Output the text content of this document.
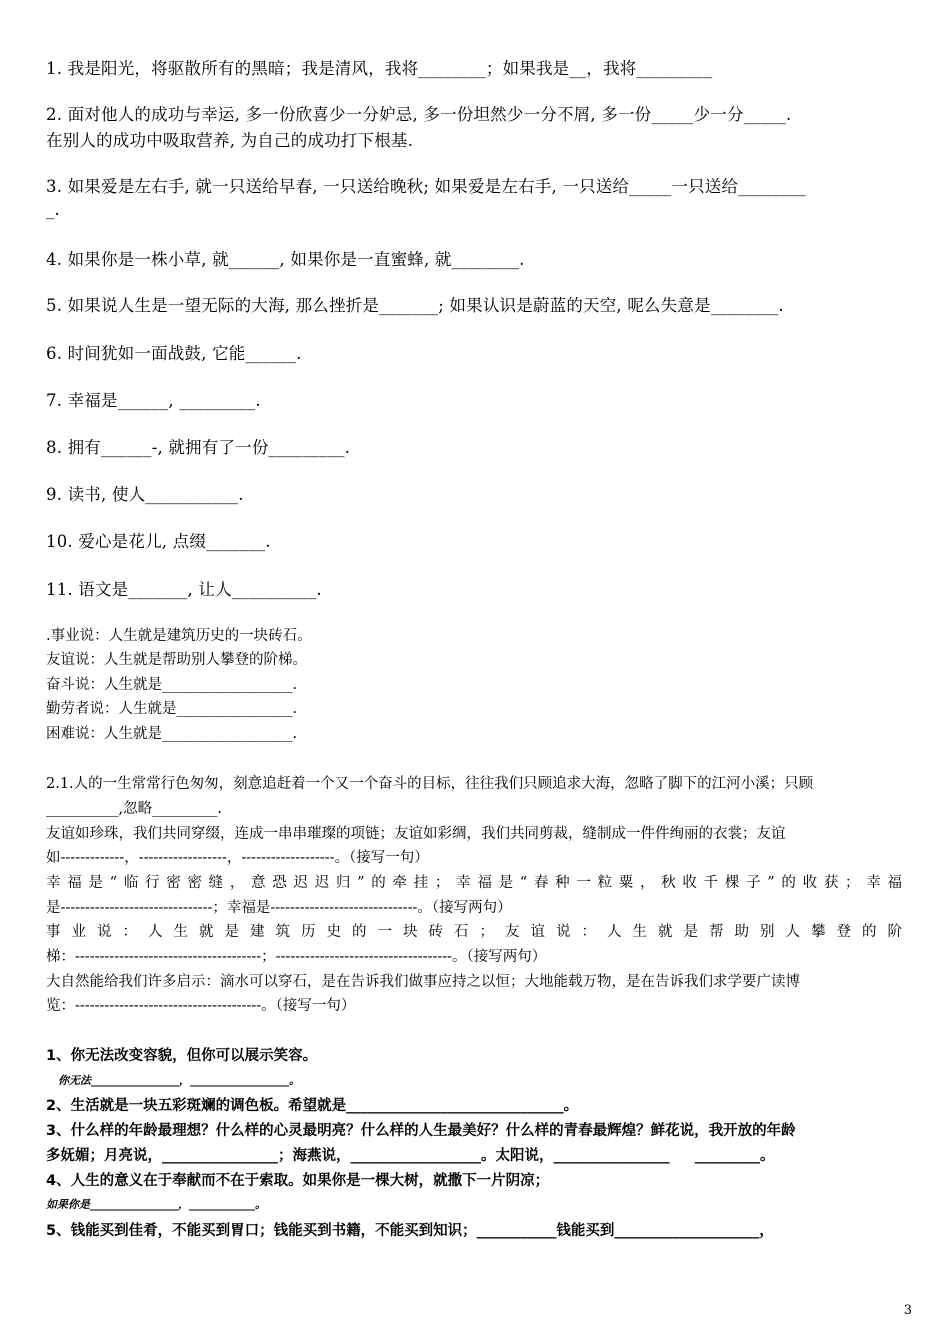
1. 我是阳光，将驱散所有的黑暗；我是清风，我将________；如果我是__，我将_________
2. 面对他人的成功与幸运, 多一份欣喜少一分妒忌, 多一份坦然少一分不屑, 多一份_____少一分_____.
在别人的成功中吸取营养, 为自己的成功打下根基.
3. 如果爱是左右手, 就一只送给早春, 一只送给晚秋; 如果爱是左右手, 一只送给_____一只送给________
_.
4. 如果你是一株小草, 就______, 如果你是一直蜜蜂, 就________.
5. 如果说人生是一望无际的大海, 那么挫折是_______; 如果认识是蔚蓝的天空, 呢么失意是________.
6. 时间犹如一面战鼓, 它能______.
7. 幸福是______, _________.
8. 拥有______-, 就拥有了一份_________.
9. 读书, 使人___________.
10. 爱心是花儿, 点缀_______.
11. 语文是_______, 让人__________.
.事业说：人生就是建筑历史的一块砖石。
友谊说：人生就是帮助别人攀登的阶梯。
奋斗说：人生就是__________________.
勤劳者说：人生就是________________.
困难说：人生就是__________________.
2.1.人的一生常常行色匆匆，刻意追赶着一个又一个奋斗的目标，往往我们只顾追求大海，忽略了脚下的江河小溪；只顾
__________,忽略_________.
友谊如珍珠，我们共同穿缀，连成一串串璀璨的项链；友谊如彩绸，我们共同剪裁，缝制成一件件绚丽的衣裳；友谊
如-------------，------------------，-------------------。（接写一句）
幸福是“临行密密缝，意恐迟迟归”的牵挂；幸福是“春种一粒粟，秋收千棵子”的收获；幸福
是-------------------------------；幸福是------------------------------。（接写两句）
事业说：人生就是建筑历史的一块砖石；友谊说：人生就是帮助别人攀登的阶
梯：--------------------------------------；------------------------------------。（接写两句）
大自然能给我们许多启示：滴水可以穿石，是在告诉我们做事应持之以恒；大地能载万物，是在告诉我们求学要广读博
览：--------------------------------------。（接写一句）
1、你无法改变容貌，但你可以展示笑容。
你无法________________，__________________。
2、生活就是一块五彩斑斓的调色板。希望就是______________________________。
3、什么样的年龄最理想？什么样的心灵最明亮？什么样的人生最美好？什么样的青春最辉煌？鲜花说，我开放的年龄
多妩媚；月亮说，________________；海燕说，__________________。太阳说，________________     _________。
4、人生的意义在于奉献而不在于索取。如果你是一棵大树，就撒下一片阴凉；
如果你是________________，____________。
5、钱能买到佳肴，不能买到胃口；钱能买到书籍，不能买到知识；___________钱能买到____________________，
3
